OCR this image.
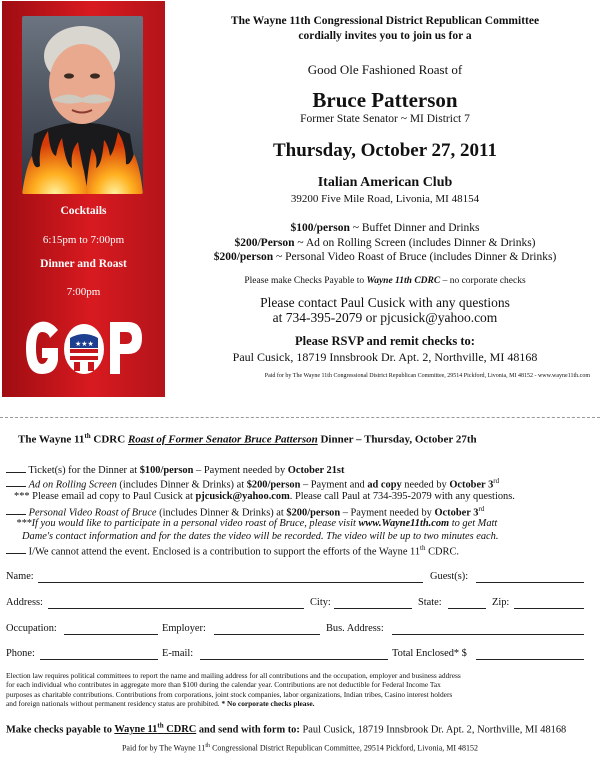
Cocktails
6:15pm to 7:00pm
Dinner and Roast
7:00pm
★★★
The Wayne 11th Congressional District Republican Committee
cordially invites you to join us for a
Good Ole Fashioned Roast of
Bruce Patterson
Former State Senator ~ MI District 7
Thursday, October 27, 2011
Italian American Club
39200 Five Mile Road, Livonia, MI 48154
$100/person ~ Buffet Dinner and Drinks
$200/Person ~ Ad on Rolling Screen (includes Dinner & Drinks)
$200/person ~ Personal Video Roast of Bruce (includes Dinner & Drinks)
Please make Checks Payable to Wayne 11th CDRC – no corporate checks
Please contact Paul Cusick with any questions
at 734-395-2079 or pjcusick@yahoo.com
Please RSVP and remit checks to:
Paul Cusick, 18719 Innsbrook Dr. Apt. 2, Northville, MI 48168
Paid for by The Wayne 11th Congressional District Republican Committee, 29514 Pickford, Livonia, MI 48152 - www.wayne11th.com
The Wayne 11th CDRC Roast of Former Senator Bruce Patterson Dinner – Thursday, October 27th
Ticket(s) for the Dinner at $100/person – Payment needed by October 21st
Ad on Rolling Screen (includes Dinner & Drinks) at $200/person – Payment and ad copy needed by October 3rd
*** Please email ad copy to Paul Cusick at pjcusick@yahoo.com. Please call Paul at 734-395-2079 with any questions.
Personal Video Roast of Bruce (includes Dinner & Drinks) at $200/person – Payment needed by October 3rd
***If you would like to participate in a personal video roast of Bruce, please visit www.Wayne11th.com to get Matt
Dame's contact information and for the dates the video will be recorded. The video will be up to two minutes each.
I/We cannot attend the event. Enclosed is a contribution to support the efforts of the Wayne 11th CDRC.
Name:	Guest(s):
Address:	City:	State:	Zip:
Occupation:	Employer:	Bus. Address:
Phone:	E-mail:	Total Enclosed* $
Election law requires political committees to report the name and mailing address for all contributions and the occupation, employer and business address
for each individual who contributes in aggregate more than $100 during the calendar year. Contributions are not deductible for Federal Income Tax
purposes as charitable contributions. Contributions from corporations, joint stock companies, labor organizations, Indian tribes, Casino interest holders
and foreign nationals without permanent residency status are prohibited. * No corporate checks please.
Make checks payable to Wayne 11th CDRC and send with form to: Paul Cusick, 18719 Innsbrook Dr. Apt. 2, Northville, MI 48168
Paid for by The Wayne 11th Congressional District Republican Committee, 29514 Pickford, Livonia, MI 48152
